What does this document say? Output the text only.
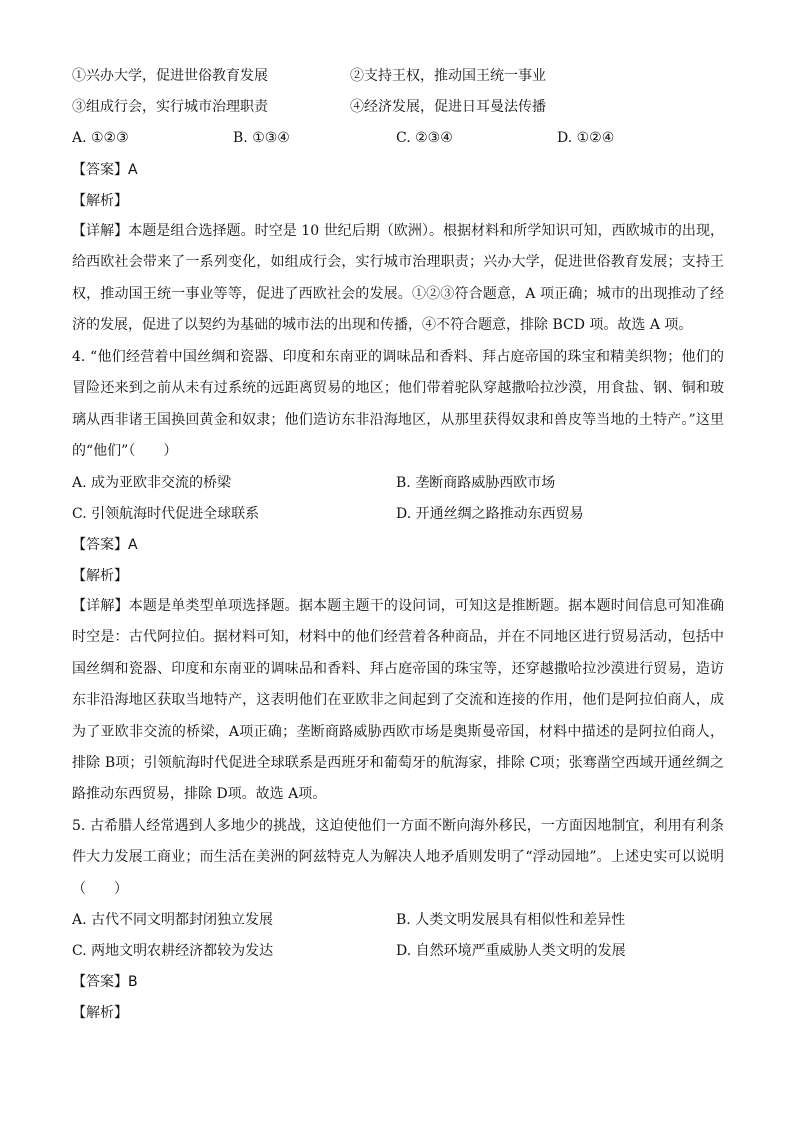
①兴办大学，促进世俗教育发展	②支持王权，推动国王统一事业
③组成行会，实行城市治理职责	④经济发展，促进日耳曼法传播
A. ①②③	B. ①③④	C. ②③④	D. ①②④
【答案】A
【解析】
【详解】本题是组合选择题。时空是 10 世纪后期（欧洲）。根据材料和所学知识可知，西欧城市的出现，给西欧社会带来了一系列变化，如组成行会，实行城市治理职责；兴办大学，促进世俗教育发展；支持王权，推动国王统一事业等等，促进了西欧社会的发展。①②③符合题意，A 项正确；城市的出现推动了经济的发展，促进了以契约为基础的城市法的出现和传播，④不符合题意，排除 BCD 项。故选 A 项。
4. “他们经营着中国丝绸和瓷器、印度和东南亚的调味品和香料、拜占庭帝国的珠宝和精美织物；他们的冒险还来到之前从未有过系统的远距离贸易的地区；他们带着驼队穿越撒哈拉沙漠，用食盐、钢、铜和玻璃从西非诸王国换回黄金和奴隶；他们造访东非沿海地区，从那里获得奴隶和兽皮等当地的土特产。”这里的“他们”（　　）
A. 成为亚欧非交流的桥梁	B. 垄断商路威胁西欧市场
C. 引领航海时代促进全球联系	D. 开通丝绸之路推动东西贸易
【答案】A
【解析】
【详解】本题是单类型单项选择题。据本题主题干的设问词，可知这是推断题。据本题时间信息可知准确时空是：古代阿拉伯。据材料可知，材料中的他们经营着各种商品，并在不同地区进行贸易活动，包括中国丝绸和瓷器、印度和东南亚的调味品和香料、拜占庭帝国的珠宝等，还穿越撒哈拉沙漠进行贸易，造访东非沿海地区获取当地特产，这表明他们在亚欧非之间起到了交流和连接的作用，他们是阿拉伯商人，成为了亚欧非交流的桥梁，A项正确；垄断商路威胁西欧市场是奥斯曼帝国，材料中描述的是阿拉伯商人，排除 B项；引领航海时代促进全球联系是西班牙和葡萄牙的航海家，排除 C项；张骞凿空西域开通丝绸之路推动东西贸易，排除 D项。故选 A项。
5. 古希腊人经常遇到人多地少的挑战，这迫使他们一方面不断向海外移民，一方面因地制宜，利用有利条件大力发展工商业；而生活在美洲的阿兹特克人为解决人地矛盾则发明了“浮动园地”。上述史实可以说明（　　）
A. 古代不同文明都封闭独立发展	B. 人类文明发展具有相似性和差异性
C. 两地文明农耕经济都较为发达	D. 自然环境严重威胁人类文明的发展
【答案】B
【解析】
